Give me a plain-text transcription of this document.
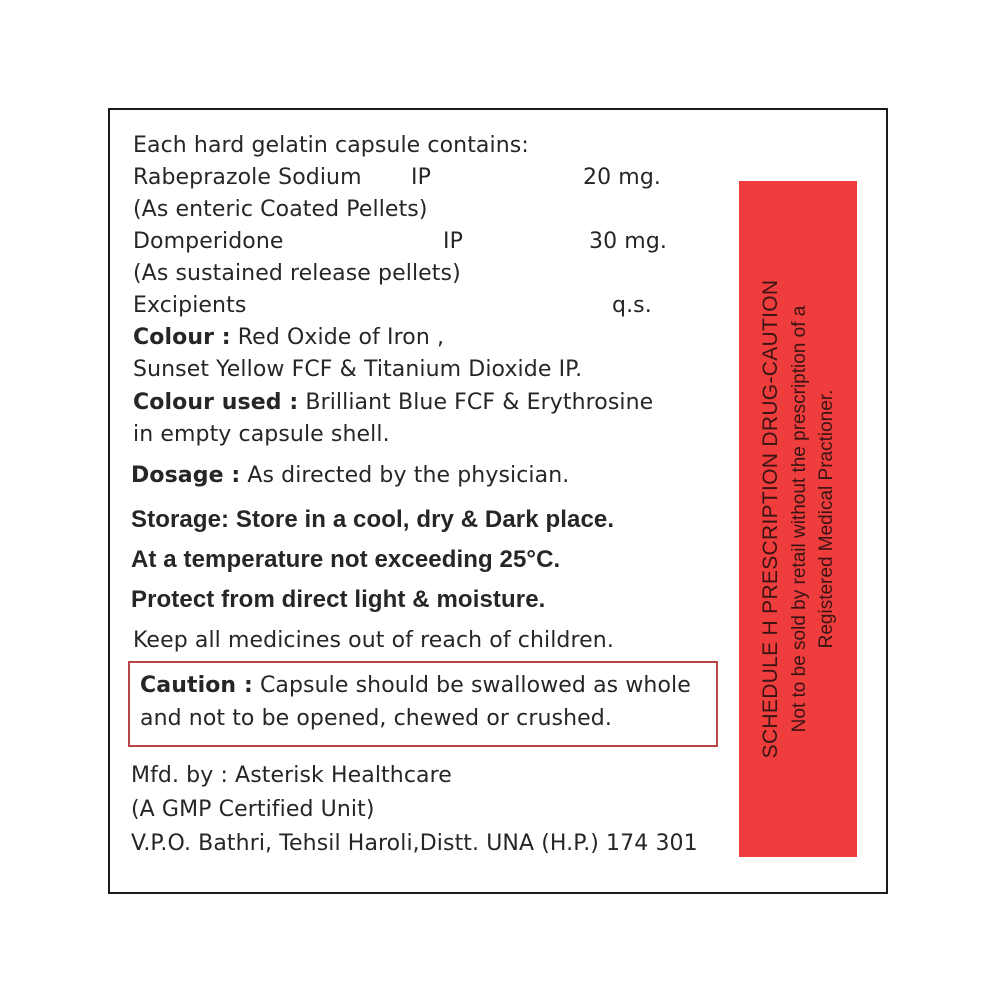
Each hard gelatin capsule contains:
Rabeprazole Sodium IP	20 mg.
(As enteric Coated Pellets)
Domperidone	IP	30 mg.
(As sustained release pellets)
Excipients	q.s.
Colour : Red Oxide of Iron ,
Sunset Yellow FCF & Titanium Dioxide IP.
Colour used : Brilliant Blue FCF & Erythrosine
in empty capsule shell.
Dosage : As directed by the physician.
Storage: Store in a cool, dry & Dark place.
At a temperature not exceeding 25°C.
Protect from direct light & moisture.
Keep all medicines out of reach of children.
Caution : Capsule should be swallowed as whole
and not to be opened, chewed or crushed.
Mfd. by : Asterisk Healthcare
(A GMP Certified Unit)
V.P.O. Bathri, Tehsil Haroli,Distt. UNA (H.P.) 174 301
SCHEDULE H PRESCRIPTION DRUG-CAUTION Not to be sold by retail without the prescription of a Registered Medical Practioner.
